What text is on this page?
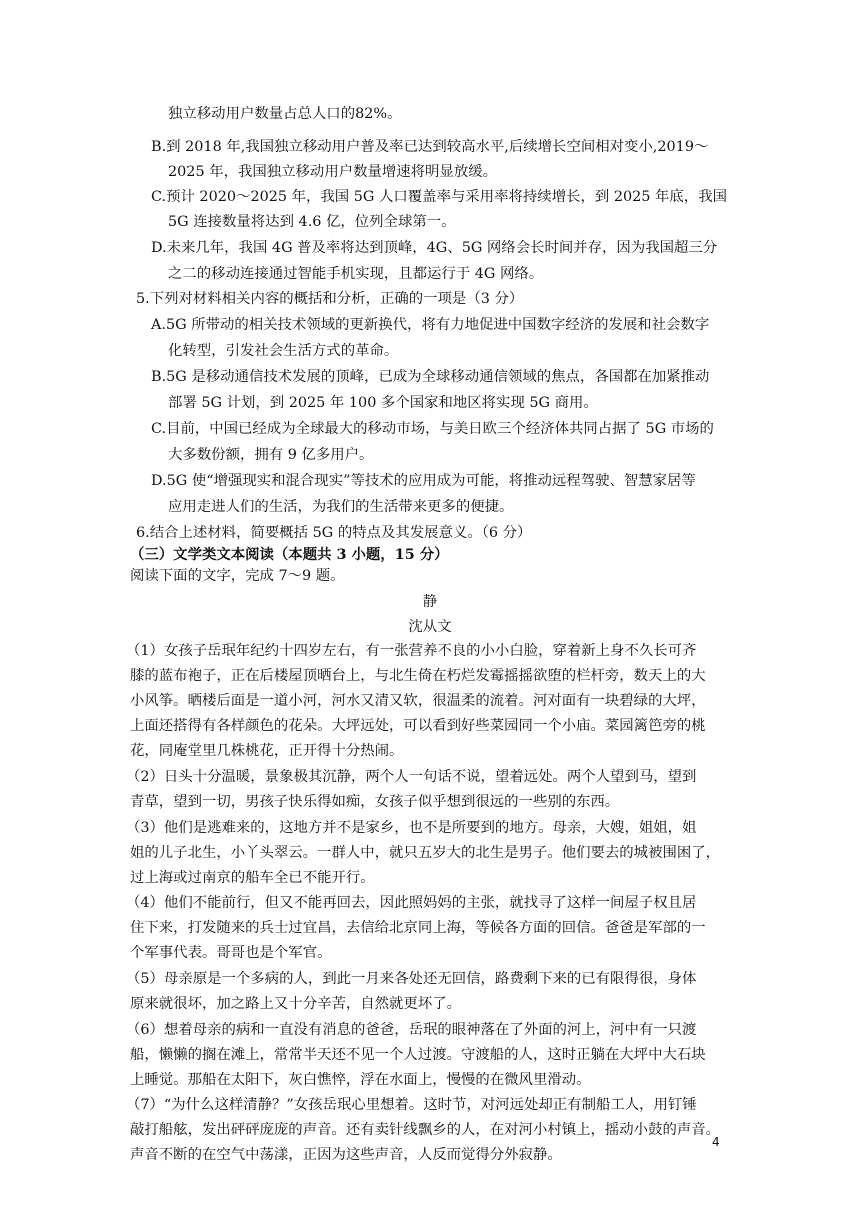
独立移动用户数量占总人口的82%。
B.到 2018 年,我国独立移动用户普及率已达到较高水平,后续增长空间相对变小,2019～
2025 年，我国独立移动用户数量增速将明显放缓。
C.预计 2020～2025 年，我国 5G 人口覆盖率与采用率将持续增长，到 2025 年底，我国
5G 连接数量将达到 4.6 亿，位列全球第一。
D.未来几年，我国 4G 普及率将达到顶峰，4G、5G 网络会长时间并存，因为我国超三分
之二的移动连接通过智能手机实现，且都运行于 4G 网络。
5.下列对材料相关内容的概括和分析，正确的一项是（3 分）
A.5G 所带动的相关技术领域的更新换代，将有力地促进中国数字经济的发展和社会数字
化转型，引发社会生活方式的革命。
B.5G 是移动通信技术发展的顶峰，已成为全球移动通信领域的焦点，各国都在加紧推动
部署 5G 计划，到 2025 年 100 多个国家和地区将实现 5G 商用。
C.目前，中国已经成为全球最大的移动市场，与美日欧三个经济体共同占据了 5G 市场的
大多数份额，拥有 9 亿多用户。
D.5G 使“增强现实和混合现实”等技术的应用成为可能，将推动远程驾驶、智慧家居等
应用走进人们的生活，为我们的生活带来更多的便捷。
6.结合上述材料，简要概括 5G 的特点及其发展意义。（6 分）
（三）文学类文本阅读（本题共 3 小题，15 分）
阅读下面的文字，完成 7～9 题。
静
沈从文
（1）女孩子岳珉年纪约十四岁左右，有一张营养不良的小小白脸，穿着新上身不久长可齐
膝的蓝布袍子，正在后楼屋顶晒台上，与北生倚在朽烂发霉摇摇欲堕的栏杆旁，数天上的大
小风筝。晒楼后面是一道小河，河水又清又软，很温柔的流着。河对面有一块碧绿的大坪，
上面还搭得有各样颜色的花朵。大坪远处，可以看到好些菜园同一个小庙。菜园篱笆旁的桃
花，同庵堂里几株桃花，正开得十分热闹。
（2）日头十分温暖，景象极其沉静，两个人一句话不说，望着远处。两个人望到马，望到
青草，望到一切，男孩子快乐得如痴，女孩子似乎想到很远的一些别的东西。
（3）他们是逃难来的，这地方并不是家乡，也不是所要到的地方。母亲，大嫂，姐姐，姐
姐的儿子北生，小丫头翠云。一群人中，就只五岁大的北生是男子。他们要去的城被围困了，
过上海或过南京的船车全已不能开行。
（4）他们不能前行，但又不能再回去，因此照妈妈的主张，就找寻了这样一间屋子权且居
住下来，打发随来的兵士过宜昌，去信给北京同上海，等候各方面的回信。爸爸是军部的一
个军事代表。哥哥也是个军官。
（5）母亲原是一个多病的人，到此一月来各处还无回信，路费剩下来的已有限得很，身体
原来就很坏，加之路上又十分辛苦，自然就更坏了。
（6）想着母亲的病和一直没有消息的爸爸，岳珉的眼神落在了外面的河上，河中有一只渡
船，懒懒的搁在滩上，常常半天还不见一个人过渡。守渡船的人，这时正躺在大坪中大石块
上睡觉。那船在太阳下，灰白憔悴，浮在水面上，慢慢的在微风里滑动。
（7）“为什么这样清静？”女孩岳珉心里想着。这时节，对河远处却正有制船工人，用钉锤
敲打船舷，发出砰砰庞庞的声音。还有卖针线飘乡的人，在对河小村镇上，摇动小鼓的声音。
声音不断的在空气中荡漾，正因为这些声音，人反而觉得分外寂静。
4
